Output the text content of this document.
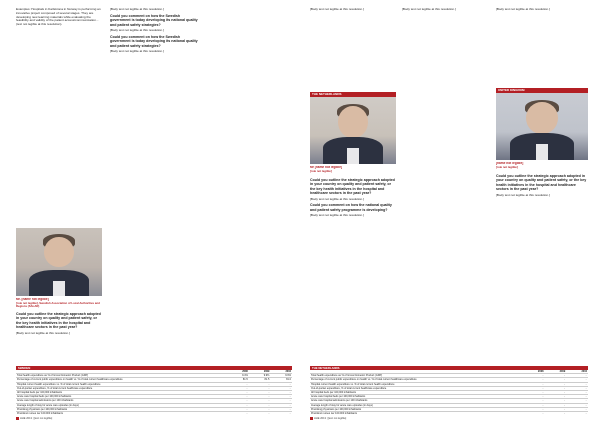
Examples: Hospitals in Karlskrona in Norway is performing an innovative project composed of several stages. They are developing new learning materials while evaluating the feasibility and validity of the patient access/communication... (text not legible at this resolution).

Mr. [name not legible]
[role not legible], Swedish Association of Local Authorities and Regions (SALAR)

Could you outline the strategic approach adopted in your country on quality and patient safety, or the key health initiatives in the hospital and healthcare sectors in the past year?

[Body text not legible at this resolution.]

[Body text not legible at this resolution.]

Could you comment on how the Swedish government is today developing its national quality and patient safety strategies?

[Body text not legible at this resolution.]

Could you comment on how the Swedish government is today developing its national quality and patient safety strategies?

[Body text not legible at this resolution.]

SWEDEN
	2008	2009	2010
Total health expenditure as % of Gross Domestic Product (GDP)	9.4%	9.9%	9.6%
Percentage of current public expenditure on health vs. % of total current healthcare expenditure	81.5	81.5	81.0
Hospital current health expenditure vs. % of total current health expenditure	..	..	..
Out-of-pocket expenditure, % of total current healthcare expenditure	..	..	..
All hospital beds per 100,000 inhabitants	..	..	..
Acute care hospital beds per 100,000 inhabitants	..	..	..
Acute care hospital admissions per 100 inhabitants	..	..	..
Average length of stay for acute care episodes (in days)	..	..	..
Practising physicians per 100,000 inhabitants	..	..	..
Practising nurses per 100,000 inhabitants	..	..	..
HHE 2013 | [text not legible]

[Body text not legible at this resolution.]

THE NETHERLANDS
Mr [name not legible]
[role not legible]

Could you outline the strategic approach adopted in your country on quality and patient safety, or the key health initiatives in the hospital and healthcare sectors in the past year?

[Body text not legible at this resolution.]

Could you comment on how the national quality and patient safety programme is developing?

[Body text not legible at this resolution.]

[Body text not legible at this resolution.]	[Body text not legible at this resolution.]

UNITED KINGDOM
[name not legible]
[role not legible]

Could you outline the strategic approach adopted in your country on quality and patient safety, or the key health initiatives in the hospital and healthcare sectors in the past year?

[Body text not legible at this resolution.]

THE NETHERLANDS
	2008	2009	2010
Total health expenditure as % of Gross Domestic Product (GDP)	..	..	..
Percentage of current public expenditure on health vs. % of total current healthcare expenditure	..	..	..
Hospital current health expenditure vs. % of total current health expenditure	..	..	..
Out-of-pocket expenditure, % of total current healthcare expenditure	..	..	..
All hospital beds per 100,000 inhabitants	..	..	..
Acute care hospital beds per 100,000 inhabitants	..	..	..
Acute care hospital admissions per 100 inhabitants	..	..	..
Average length of stay for acute care episodes (in days)	..	..	..
Practising physicians per 100,000 inhabitants	..	..	..
Practising nurses per 100,000 inhabitants	..	..	..
HHE 2013 | [text not legible]
